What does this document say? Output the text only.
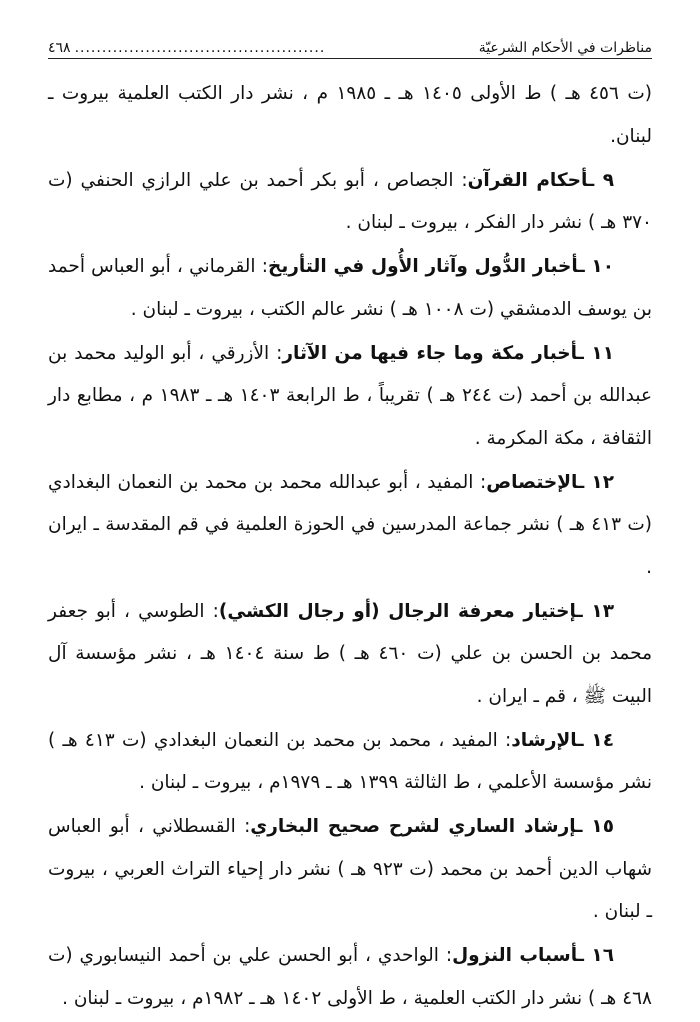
مناظرات في الأحكام الشرعيّة
..............................................
٤٦٨

(ت ٤٥٦ هـ ) ط الأولى ١٤٠٥ هـ ـ ١٩٨٥ م ، نشر دار الكتب العلمية بيروت ـ لبنان.

٩ ـأحكام القرآن: الجصاص ، أبو بكر أحمد بن علي الرازي الحنفي (ت ٣٧٠ هـ ) نشر دار الفكر ، بيروت ـ لبنان .

١٠ ـأخبار الدُّول وآثار الأُول في التأريخ: القرماني ، أبو العباس أحمد بن يوسف الدمشقي (ت ١٠٠٨ هـ ) نشر عالم الكتب ، بيروت ـ لبنان .

١١ ـأخبار مكة وما جاء فيها من الآثار: الأزرقي ، أبو الوليد محمد بن عبدالله بن أحمد (ت ٢٤٤ هـ ) تقريباً ، ط الرابعة ١٤٠٣ هـ ـ ١٩٨٣ م ، مطابع دار الثقافة ، مكة المكرمة .

١٢ ـالإختصاص: المفيد ، أبو عبدالله محمد بن محمد بن النعمان البغدادي (ت ٤١٣ هـ ) نشر جماعة المدرسين في الحوزة العلمية في قم المقدسة ـ ايران .

١٣ ـإختيار معرفة الرجال (أو رجال الكشي): الطوسي ، أبو جعفر محمد بن الحسن بن علي (ت ٤٦٠ هـ ) ط سنة ١٤٠٤ هـ ، نشر مؤسسة آل البيت ﷺ ، قم ـ ايران .

١٤ ـالإرشاد: المفيد ، محمد بن محمد بن النعمان البغدادي (ت ٤١٣ هـ ) نشر مؤسسة الأعلمي ، ط الثالثة ١٣٩٩ هـ ـ ١٩٧٩م ، بيروت ـ لبنان .

١٥ ـإرشاد الساري لشرح صحيح البخاري: القسطلاني ، أبو العباس شهاب الدين أحمد بن محمد (ت ٩٢٣ هـ ) نشر دار إحياء التراث العربي ، بيروت ـ لبنان .

١٦ ـأسباب النزول: الواحدي ، أبو الحسن علي بن أحمد النيسابوري (ت ٤٦٨ هـ ) نشر دار الكتب العلمية ، ط الأولى ١٤٠٢ هـ ـ ١٩٨٢م ، بيروت ـ لبنان .
